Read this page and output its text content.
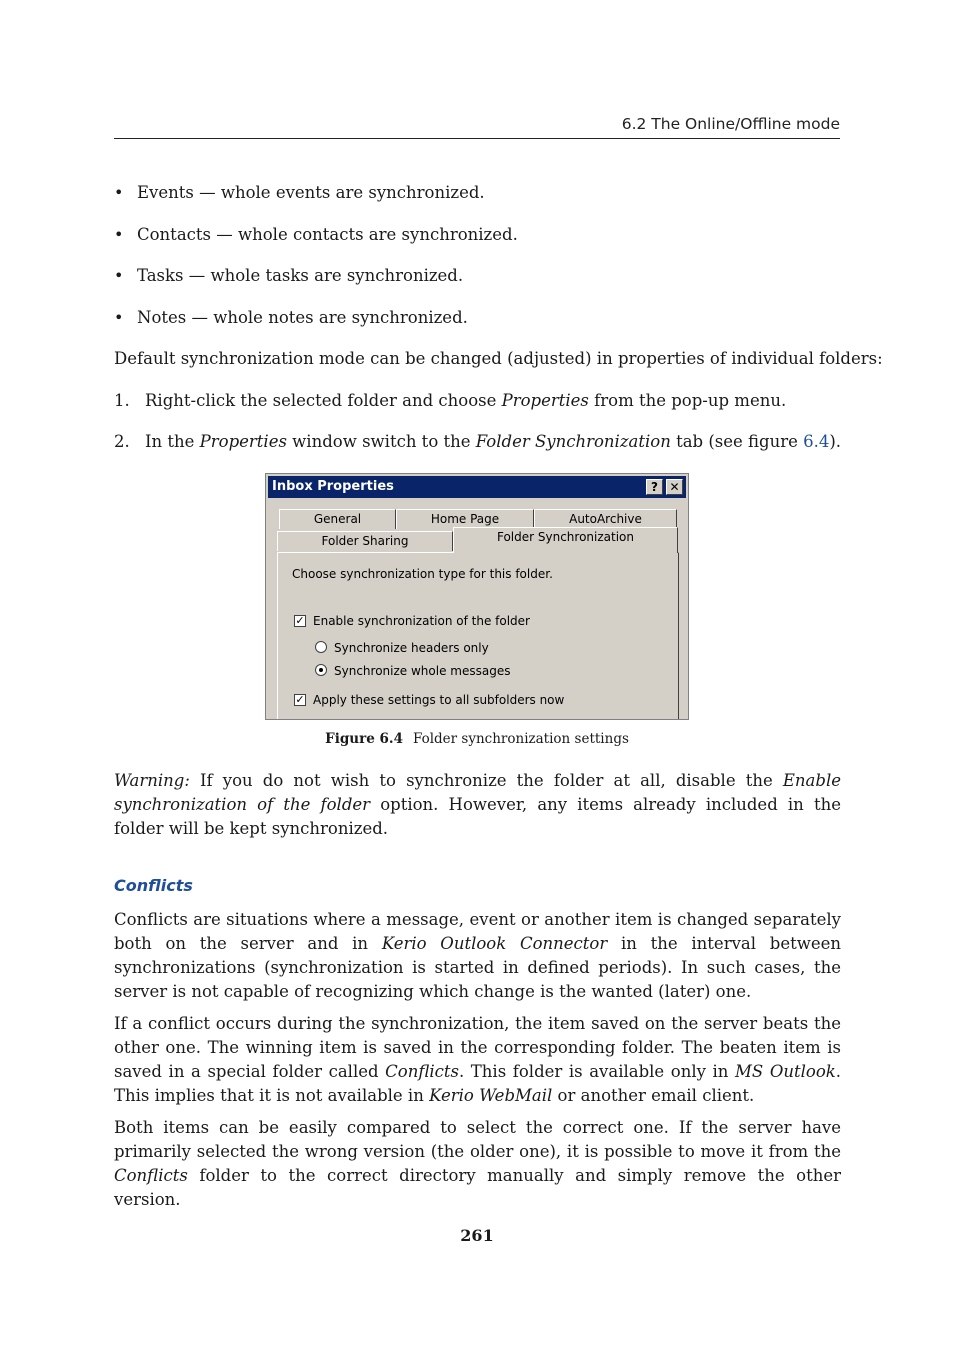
6.2 The Online/Offline mode
• Events — whole events are synchronized.
• Contacts — whole contacts are synchronized.
• Tasks — whole tasks are synchronized.
• Notes — whole notes are synchronized.
Default synchronization mode can be changed (adjusted) in properties of individual folders:
1. Right-click the selected folder and choose Properties from the pop-up menu.
2. In the Properties window switch to the Folder Synchronization tab (see figure 6.4).
Inbox Properties	? ✕
General	Home Page	AutoArchive
Folder Sharing	Folder Synchronization
Choose synchronization type for this folder.
✓ Enable synchronization of the folder
Synchronize headers only
Synchronize whole messages
✓ Apply these settings to all subfolders now
Figure 6.4 Folder synchronization settings
Warning: If you do not wish to synchronize the folder at all, disable the Enable synchronization of the folder option. However, any items already included in the folder will be kept synchronized.
Conflicts
Conflicts are situations where a message, event or another item is changed separately both on the server and in Kerio Outlook Connector in the interval between synchronizations (synchronization is started in defined periods). In such cases, the server is not capable of recognizing which change is the wanted (later) one.
If a conflict occurs during the synchronization, the item saved on the server beats the other one. The winning item is saved in the corresponding folder. The beaten item is saved in a special folder called Conflicts. This folder is available only in MS Outlook. This implies that it is not available in Kerio WebMail or another email client.
Both items can be easily compared to select the correct one. If the server have primarily selected the wrong version (the older one), it is possible to move it from the Conflicts folder to the correct directory manually and simply remove the other version.
261
